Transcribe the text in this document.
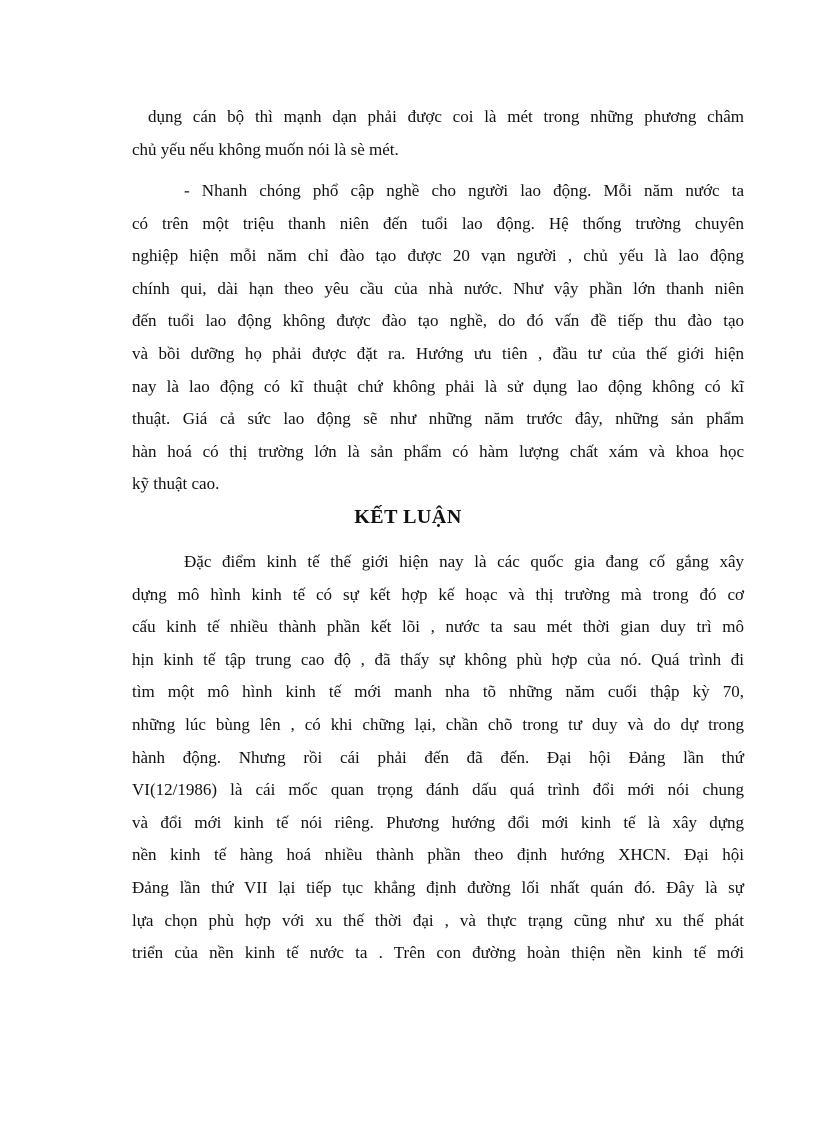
dụng cán bộ thì mạnh dạn phải được coi là mét trong những phương châm
chủ yếu nếu không muốn nói là sè mét.
- Nhanh chóng phổ cập nghề cho người lao động. Mỗi năm nước ta
có trên một triệu thanh niên đến tuổi lao động. Hệ thống trường chuyên
nghiệp hiện mỗi năm chỉ đào tạo được 20 vạn người , chủ yếu là lao động
chính qui, dài hạn theo yêu cầu của nhà nước. Như vậy phần lớn thanh niên
đến tuổi lao động không được đào tạo nghề, do đó vấn đề tiếp thu đào tạo
và bồi dưỡng họ phải được đặt ra. Hướng ưu tiên , đầu tư của thế giới hiện
nay là lao động có kĩ thuật chứ không phải là sử dụng lao động không có kĩ
thuật. Giá cả sức lao động sẽ như những năm trước đây, những sản phẩm
hàn hoá có thị trường lớn là sản phẩm có hàm lượng chất xám và khoa học
kỹ thuật cao.
KẾT LUẬN
Đặc điểm kinh tế thế giới hiện nay là các quốc gia đang cố gắng xây
dựng mô hình kinh tế có sự kết hợp kế hoạc và thị trường mà trong đó cơ
cấu kinh tế nhiều thành phần kết lõi , nước ta sau mét thời gian duy trì mô
hịn kinh tế tập trung cao độ , đã thấy sự không phù hợp của nó. Quá trình đi
tìm một mô hình kinh tế mới manh nha tõ những năm cuối thập kỳ 70,
những lúc bùng lên , có khi chững lại, chần chõ trong tư duy và do dự trong
hành động. Nhưng rồi cái phải đến đã đến. Đại hội Đảng lần thứ
VI(12/1986) là cái mốc quan trọng đánh dấu quá trình đổi mới nói chung
và đổi mới kinh tế nói riêng. Phương hướng đổi mới kinh tế là xây dựng
nền kinh tế hàng hoá nhiều thành phần theo định hướng XHCN. Đại hội
Đảng lần thứ VII lại tiếp tục khẳng định đường lối nhất quán đó. Đây là sự
lựa chọn phù hợp với xu thế thời đại , và thực trạng cũng như xu thế phát
triển của nền kinh tế nước ta . Trên con đường hoàn thiện nền kinh tế mới
